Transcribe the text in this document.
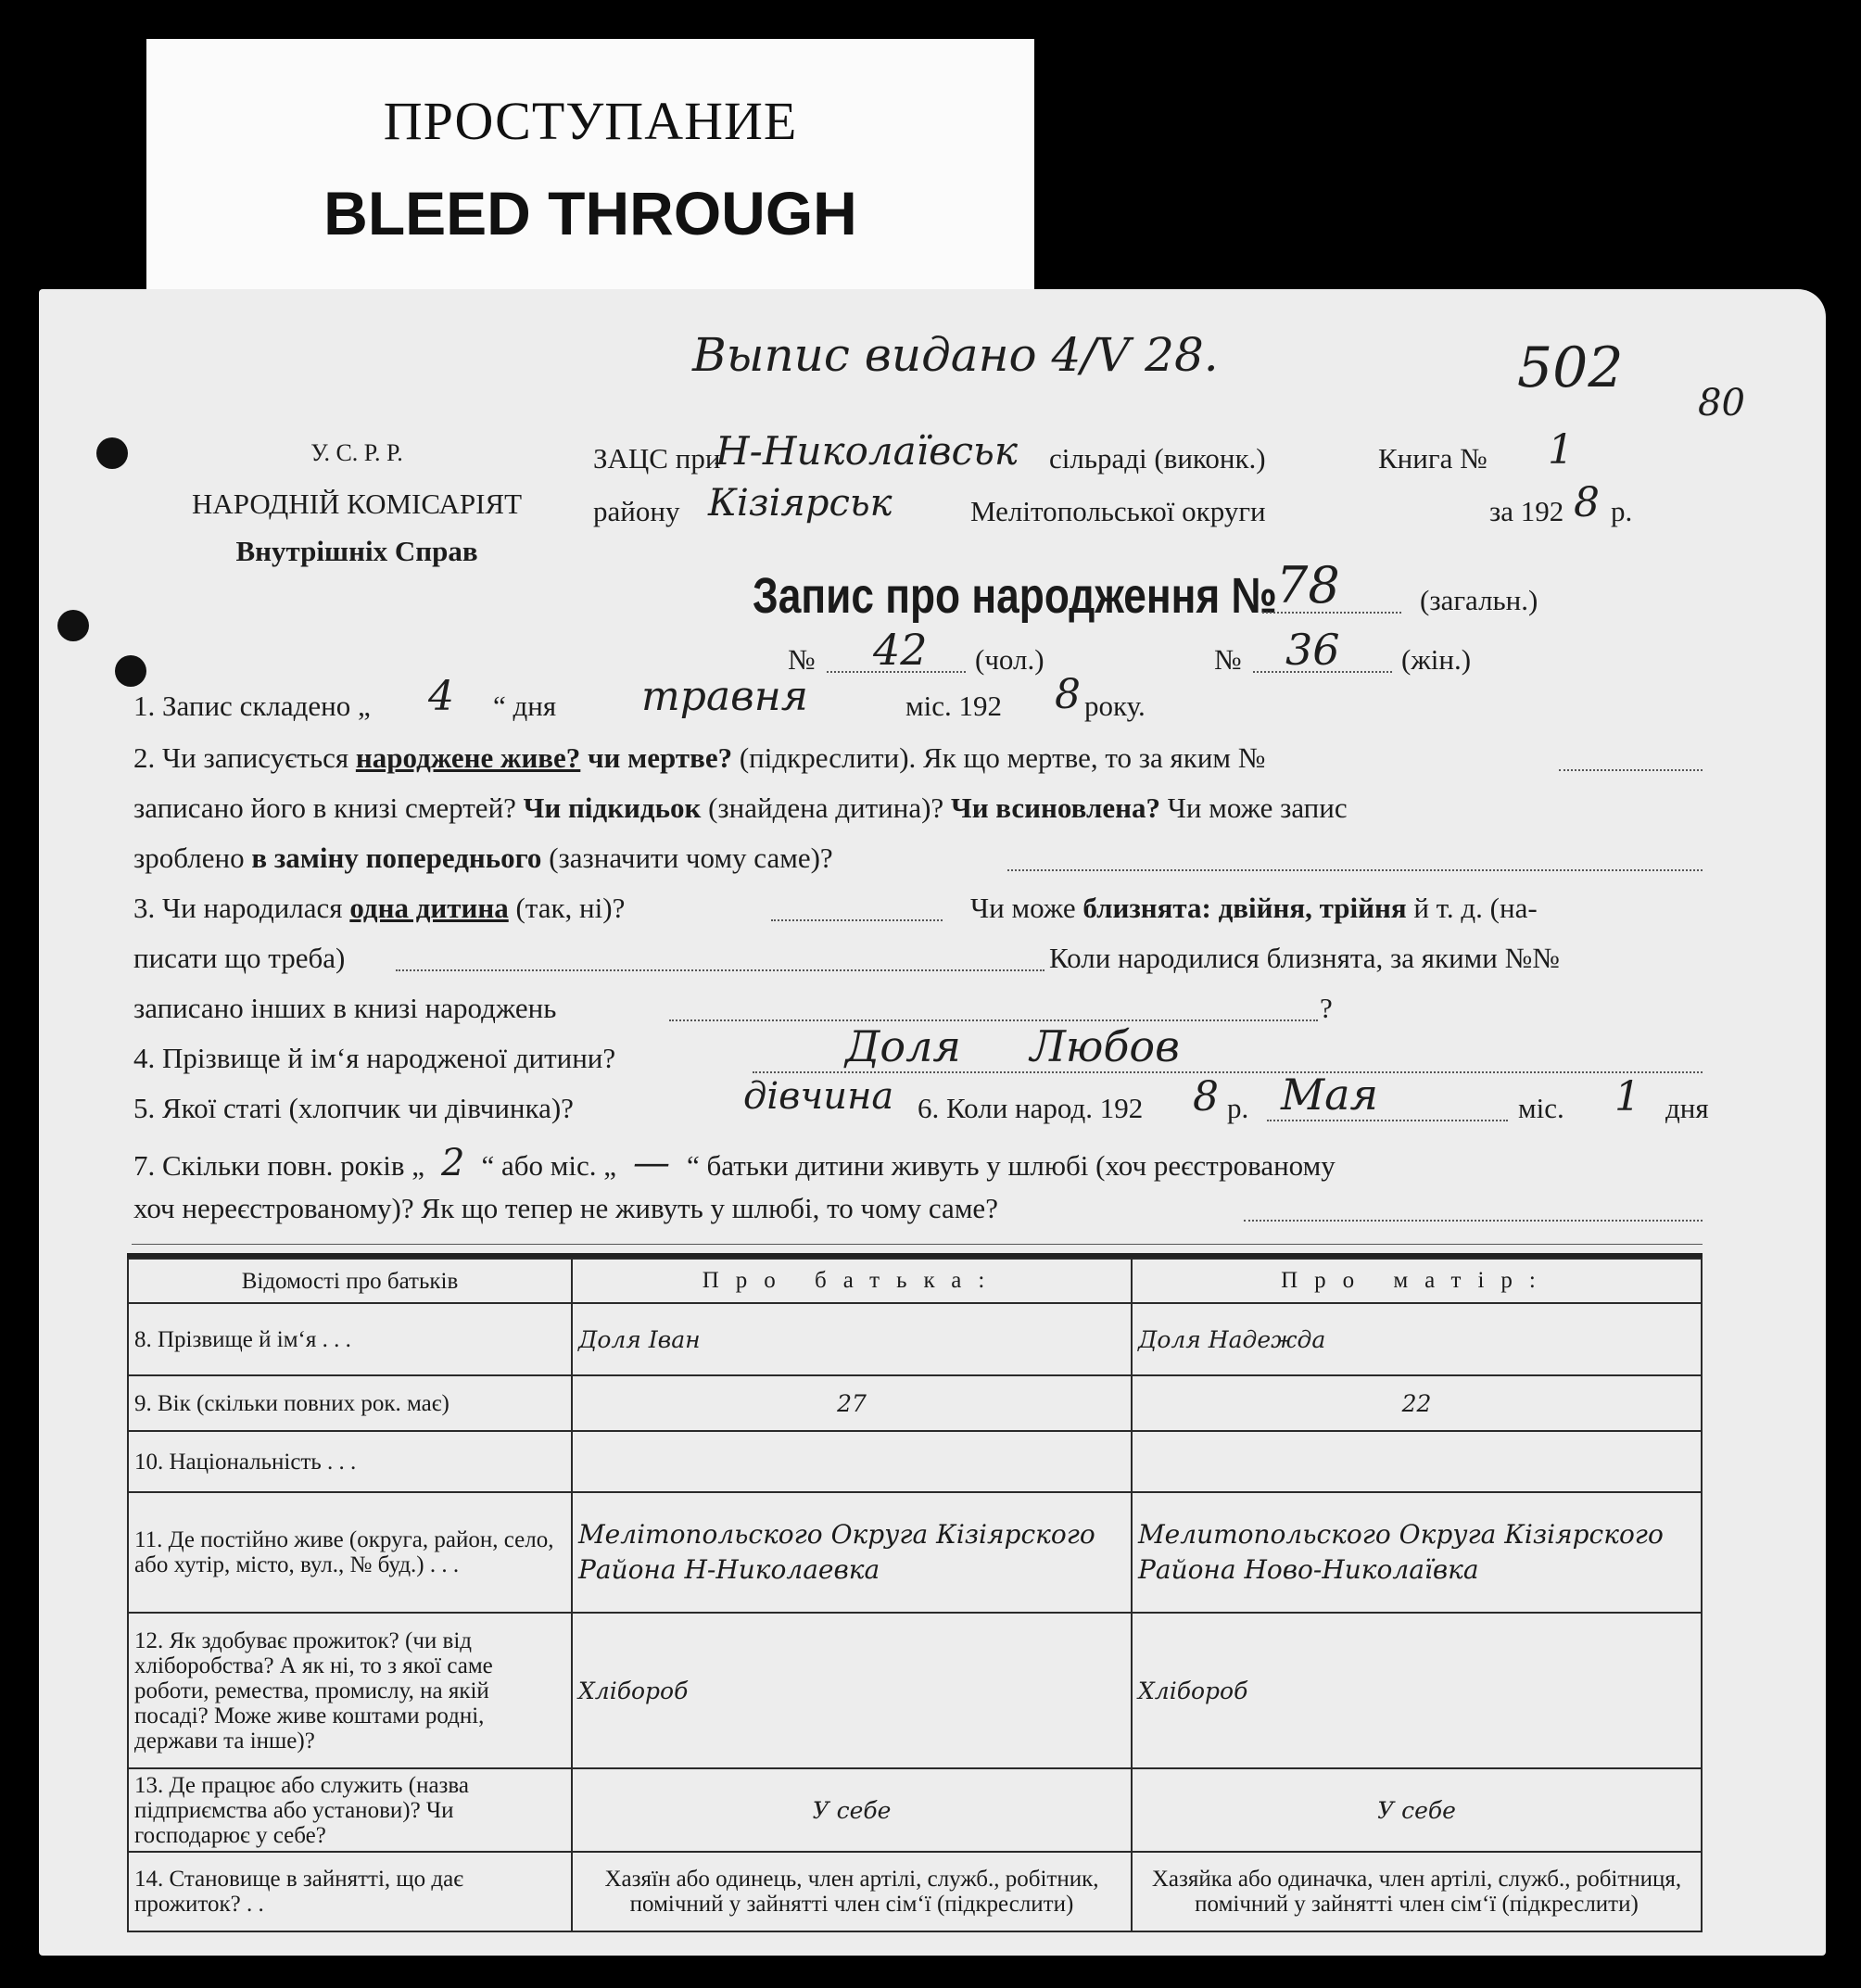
ПРОСТУПАНИЕ
BLEED THROUGH
Выпис видано 4/V 28.	502
80
У. С. Р. Р.
НАРОДНІЙ КОМІСАРІЯТ
Внутрішніх Справ
ЗАЦС при
Н-Николаївськ сільраді (виконк.)	Книга № 1
району Кізіярськ	Мелітопольської округи	за 192 8 р.
Запис про народження № 78	(загальн.)
№ 42 (чол.)	№ 36 (жін.)
1. Запис складено „ 4 “ дня травня	міс. 192 8 року.
2. Чи записується народжене живе? чи мертве? (підкреслити). Як що мертве, то за яким №
записано його в книзі смертей? Чи підкидьок (знайдена дитина)? Чи всиновлена? Чи може запис
зроблено в заміну попереднього (зазначити чому саме)?
3. Чи народилася одна дитина (так, ні)?	Чи може близнята: двійня, трійня й т. д. (на-
писати що треба)	Коли народилися близнята, за якими №№
записано інших в книзі народжень	?
4. Прізвище й ім‘я народженої дитини?	Доля Любов
5. Якої статі (хлопчик чи дівчинка)?	дівчина 6. Коли народ. 192 8 р. Мая	міс. 1 дня
7. Скільки повн. років „ 2 “ або міс. „ — “ батьки дитини живуть у шлюбі (хоч реєстрованому
хоч нереєстрованому)? Як що тепер не живуть у шлюбі, то чому саме?
Відомості про батьків	Про батька:	Про матір:
8. Прізвище й ім‘я . . .	Доля Іван	Доля Надежда
9. Вік (скільки повних рок. має)	27	22
10. Національність . . .		
11. Де постійно живе (округа, район, село, або хутір, місто, вул., № буд.) . . .	Мелітопольского Округа Кізіярского Района Н-Николаевка	Мелитопольского Округа Кізіярского Района Ново-Николаївка
12. Як здобуває прожиток? (чи від хліборобства? А як ні, то з якої саме роботи, ремества, промислу, на якій посаді? Може живе коштами родні, держави та інше)?	Хлібороб	Хлібороб
13. Де працює або служить (назва підприємства або установи)? Чи господарює у себе?	У себе	У себе
14. Становище в зайнятті, що дає прожиток? . .	Хазяїн або одинець, член артілі, служб., робітник, помічний у зайнятті член сім‘ї (підкреслити)	Хазяйка або одиначка, член артілі, служб., робітниця, помічний у зайнятті член сім‘ї (підкреслити)
